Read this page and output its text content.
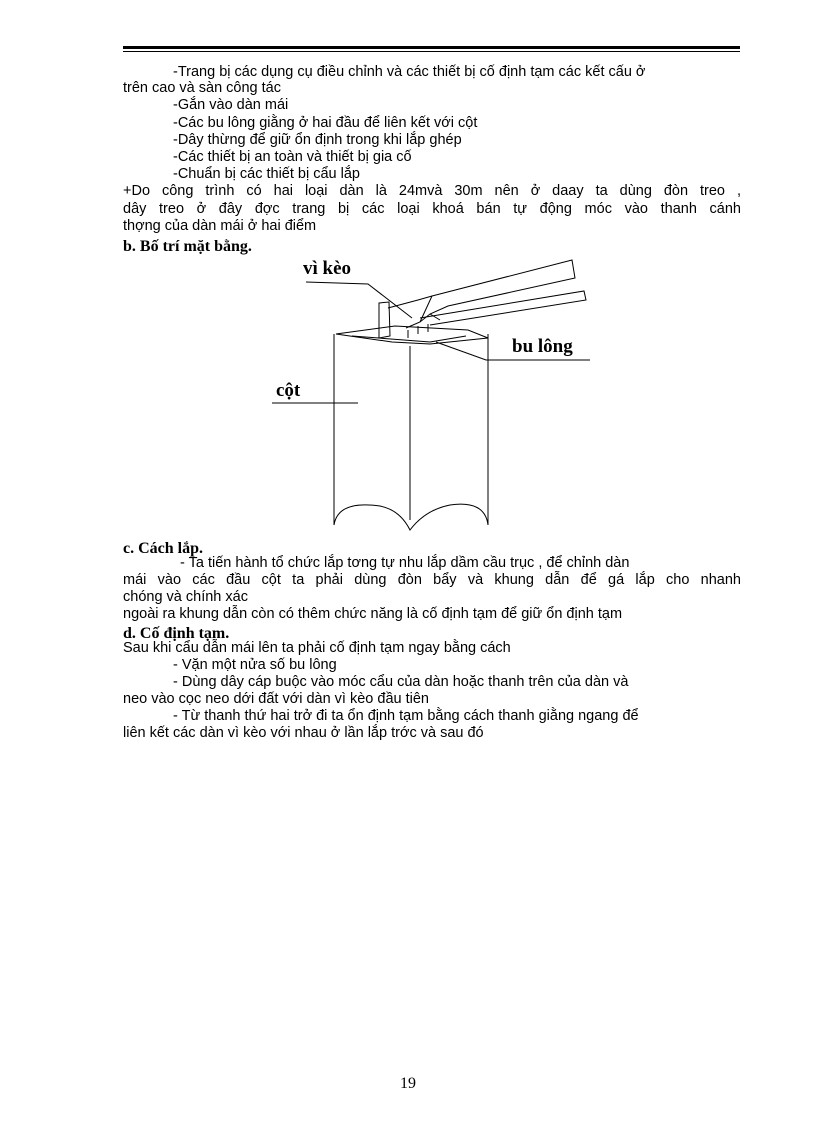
-Trang bị các dụng cụ điều chỉnh và các thiết bị cố định tạm các kết cấu ở
trên cao và sàn công tác
-Gắn vào dàn mái
-Các bu lông giằng ở hai đầu để liên kết với cột
-Dây thừng để giữ ổn định trong khi lắp ghép
-Các thiết bị an toàn và thiết bị gia cố
-Chuẩn bị các thiết bị cẩu lắp
+Do công trình có hai loại dàn là 24mvà 30m nên ở daay ta dùng đòn treo ,
dây treo ở đây đợc trang bị các loại khoá bán tự động móc vào thanh cánh
thợng của dàn mái ở hai điểm
b. Bố trí mặt bằng.
vì kèo
bu lông
cột
c. Cách lắp.
- Ta tiến hành tổ chức lắp tơng tự nhu lắp dầm cầu trục , để chỉnh dàn
mái vào các đầu cột ta phải dùng đòn bẩy và khung dẫn để gá lắp cho nhanh
chóng và chính xác
ngoài ra khung dẫn còn có thêm chức năng là cố định tạm để giữ ổn định tạm
d. Cố định tạm.
Sau khi cẩu dẫn mái lên ta phải cố định tạm ngay bằng cách
- Vặn một nửa số bu lông
- Dùng dây cáp buộc vào móc cẩu của dàn hoặc thanh trên của dàn và
neo vào cọc neo dới đất với dàn vì kèo đầu tiên
- Từ thanh thứ hai trở đi ta ổn định tạm bằng cách thanh giằng ngang để
liên kết các dàn vì kèo với nhau ở lần lắp trớc và sau đó
19
